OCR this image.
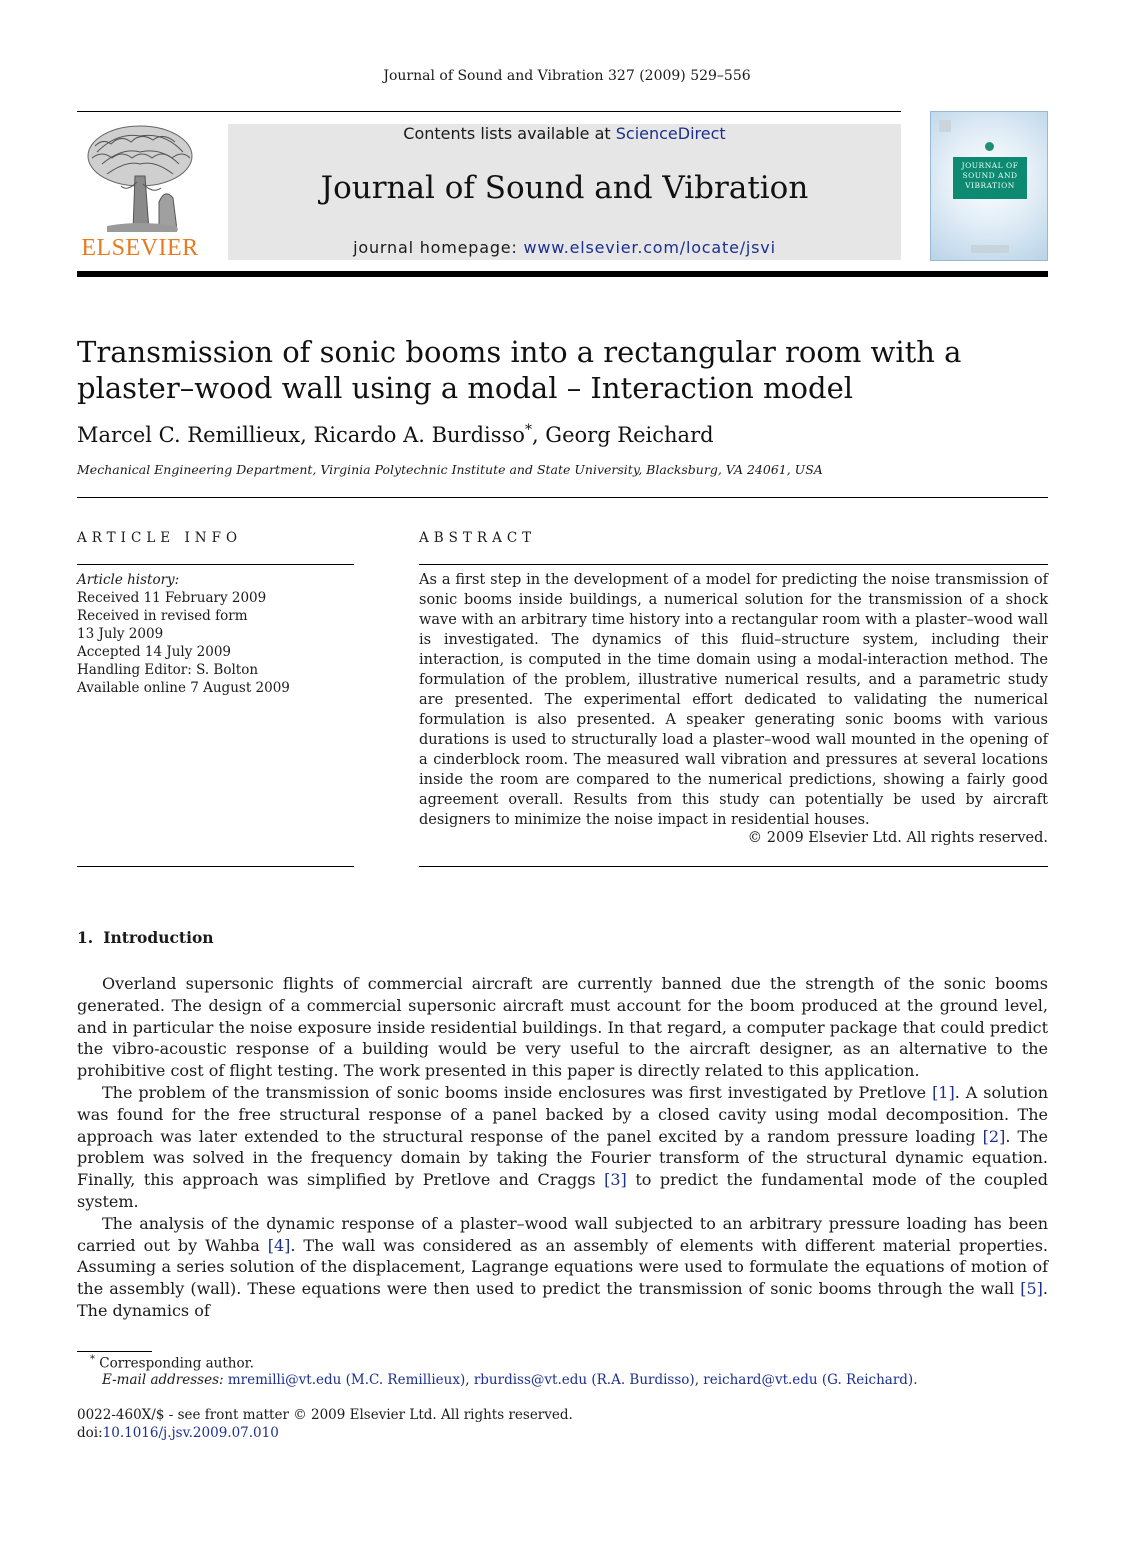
Journal of Sound and Vibration 327 (2009) 529–556
ELSEVIER
Contents lists available at ScienceDirect
Journal of Sound and Vibration
journal homepage: www.elsevier.com/locate/jsvi
JOURNAL OF SOUND AND VIBRATION
Transmission of sonic booms into a rectangular room with a plaster–wood wall using a modal – Interaction model
Marcel C. Remillieux, Ricardo A. Burdisso*, Georg Reichard
Mechanical Engineering Department, Virginia Polytechnic Institute and State University, Blacksburg, VA 24061, USA
ARTICLE INFO	ABSTRACT
Article history:
Received 11 February 2009
Received in revised form
13 July 2009
Accepted 14 July 2009
Handling Editor: S. Bolton
Available online 7 August 2009
As a first step in the development of a model for predicting the noise transmission of sonic booms inside buildings, a numerical solution for the transmission of a shock wave with an arbitrary time history into a rectangular room with a plaster–wood wall is investigated. The dynamics of this fluid–structure system, including their interaction, is computed in the time domain using a modal-interaction method. The formulation of the problem, illustrative numerical results, and a parametric study are presented. The experimental effort dedicated to validating the numerical formulation is also presented. A speaker generating sonic booms with various durations is used to structurally load a plaster–wood wall mounted in the opening of a cinderblock room. The measured wall vibration and pressures at several locations inside the room are compared to the numerical predictions, showing a fairly good agreement overall. Results from this study can potentially be used by aircraft designers to minimize the noise impact in residential houses.
© 2009 Elsevier Ltd. All rights reserved.
1. Introduction

Overland supersonic flights of commercial aircraft are currently banned due the strength of the sonic booms generated. The design of a commercial supersonic aircraft must account for the boom produced at the ground level, and in particular the noise exposure inside residential buildings. In that regard, a computer package that could predict the vibro-acoustic response of a building would be very useful to the aircraft designer, as an alternative to the prohibitive cost of flight testing. The work presented in this paper is directly related to this application.

The problem of the transmission of sonic booms inside enclosures was first investigated by Pretlove [1]. A solution was found for the free structural response of a panel backed by a closed cavity using modal decomposition. The approach was later extended to the structural response of the panel excited by a random pressure loading [2]. The problem was solved in the frequency domain by taking the Fourier transform of the structural dynamic equation. Finally, this approach was simplified by Pretlove and Craggs [3] to predict the fundamental mode of the coupled system.

The analysis of the dynamic response of a plaster–wood wall subjected to an arbitrary pressure loading has been carried out by Wahba [4]. The wall was considered as an assembly of elements with different material properties. Assuming a series solution of the displacement, Lagrange equations were used to formulate the equations of motion of the assembly (wall). These equations were then used to predict the transmission of sonic booms through the wall [5]. The dynamics of

* Corresponding author.
E-mail addresses: mremilli@vt.edu (M.C. Remillieux), rburdiss@vt.edu (R.A. Burdisso), reichard@vt.edu (G. Reichard).
0022-460X/$ - see front matter © 2009 Elsevier Ltd. All rights reserved.
doi:10.1016/j.jsv.2009.07.010
